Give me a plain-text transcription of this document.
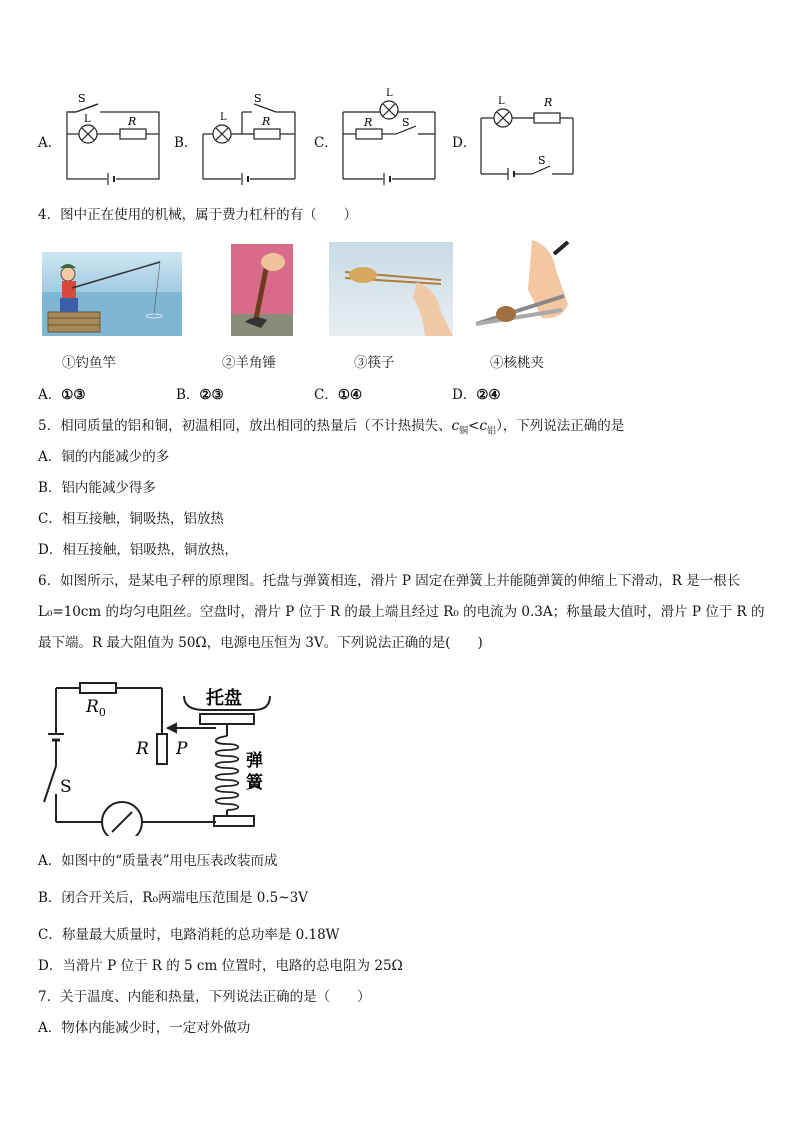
A．
S
L	R
B．
S
L	R
C．
L
R	S
D．
L	R
S
4．图中正在使用的机械，属于费力杠杆的有（　　）
①钓鱼竿	②羊角锤	③筷子	④核桃夹
A．①③	B．②③	C．①④	D．②④
5．相同质量的铝和铜，初温相同，放出相同的热量后（不计热损失、$c_铜<c_铝$），下列说法正确的是
A．铜的内能减少的多
B．铝内能减少得多
C．相互接触，铜吸热，铝放热
D．相互接触，铝吸热，铜放热，
6．如图所示，是某电子秤的原理图。托盘与弹簧相连，滑片 P 固定在弹簧上并能随弹簧的伸缩上下滑动，R 是一根长
L₀=10cm 的均匀电阻丝。空盘时，滑片 P 位于 R 的最上端且经过 R₀ 的电流为 0.3A；称量最大值时，滑片 P 位于 R 的
最下端。R 最大阻值为 50Ω，电源电压恒为 3V。下列说法正确的是(　　)
$R_0$
R P
S
托盘
弹
簧
A．如图中的“质量表”用电压表改装而成
B．闭合开关后，R₀两端电压范围是 0.5~3V
C．称量最大质量时，电路消耗的总功率是 0.18W
D．当滑片 P 位于 R 的 5 cm 位置时，电路的总电阻为 25Ω
7．关于温度、内能和热量，下列说法正确的是（　　）
A．物体内能减少时，一定对外做功
